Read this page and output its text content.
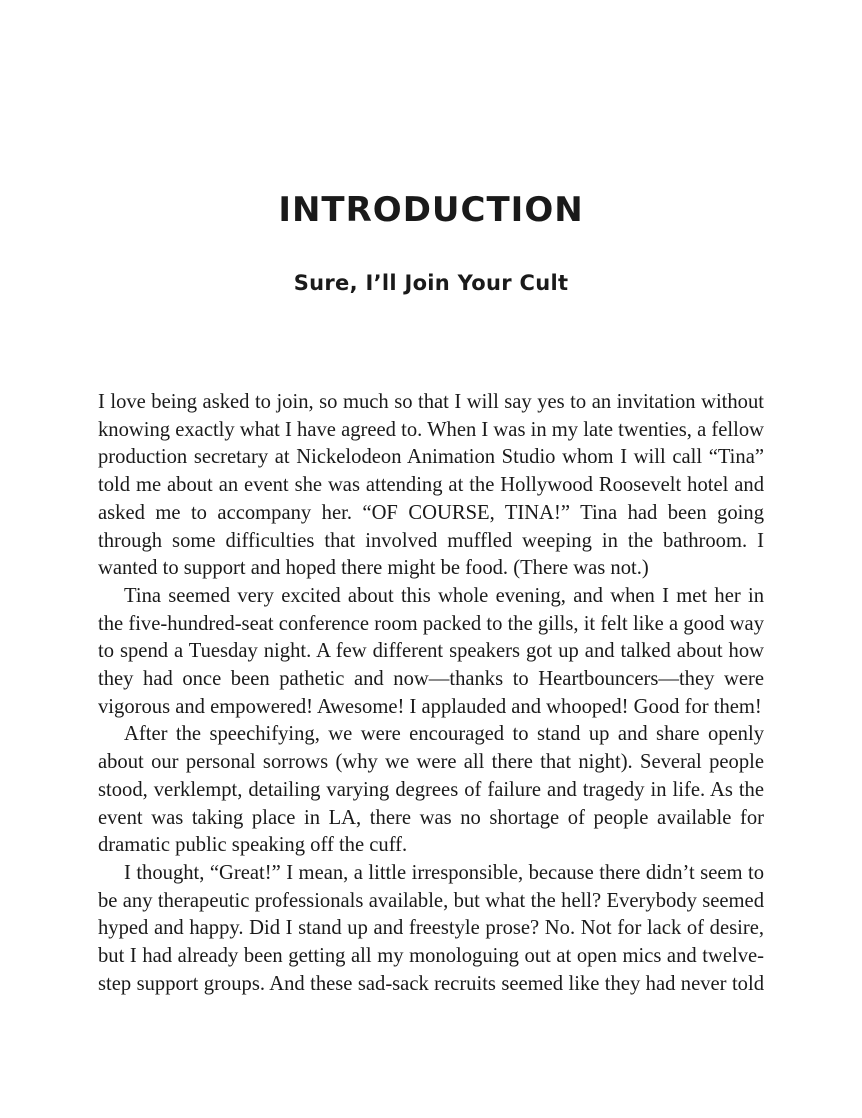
INTRODUCTION
Sure, I’ll Join Your Cult

I love being asked to join, so much so that I will say yes to an invitation without knowing exactly what I have agreed to. When I was in my late twenties, a fellow production secretary at Nickelodeon Animation Studio whom I will call “Tina” told me about an event she was attending at the Hollywood Roosevelt hotel and asked me to accompany her. “OF COURSE, TINA!” Tina had been going through some difficulties that involved muffled weeping in the bathroom. I wanted to support and hoped there might be food. (There was not.)

Tina seemed very excited about this whole evening, and when I met her in the five-hundred-seat conference room packed to the gills, it felt like a good way to spend a Tuesday night. A few different speakers got up and talked about how they had once been pathetic and now—thanks to Heartbouncers—they were vigorous and empowered! Awesome! I applauded and whooped! Good for them!

After the speechifying, we were encouraged to stand up and share openly about our personal sorrows (why we were all there that night). Several people stood, verklempt, detailing varying degrees of failure and tragedy in life. As the event was taking place in LA, there was no shortage of people available for dramatic public speaking off the cuff.

I thought, “Great!” I mean, a little irresponsible, because there didn’t seem to be any therapeutic professionals available, but what the hell? Everybody seemed hyped and happy. Did I stand up and freestyle prose? No. Not for lack of desire, but I had already been getting all my monologuing out at open mics and twelve-step support groups. And these sad-sack recruits seemed like they had never told
